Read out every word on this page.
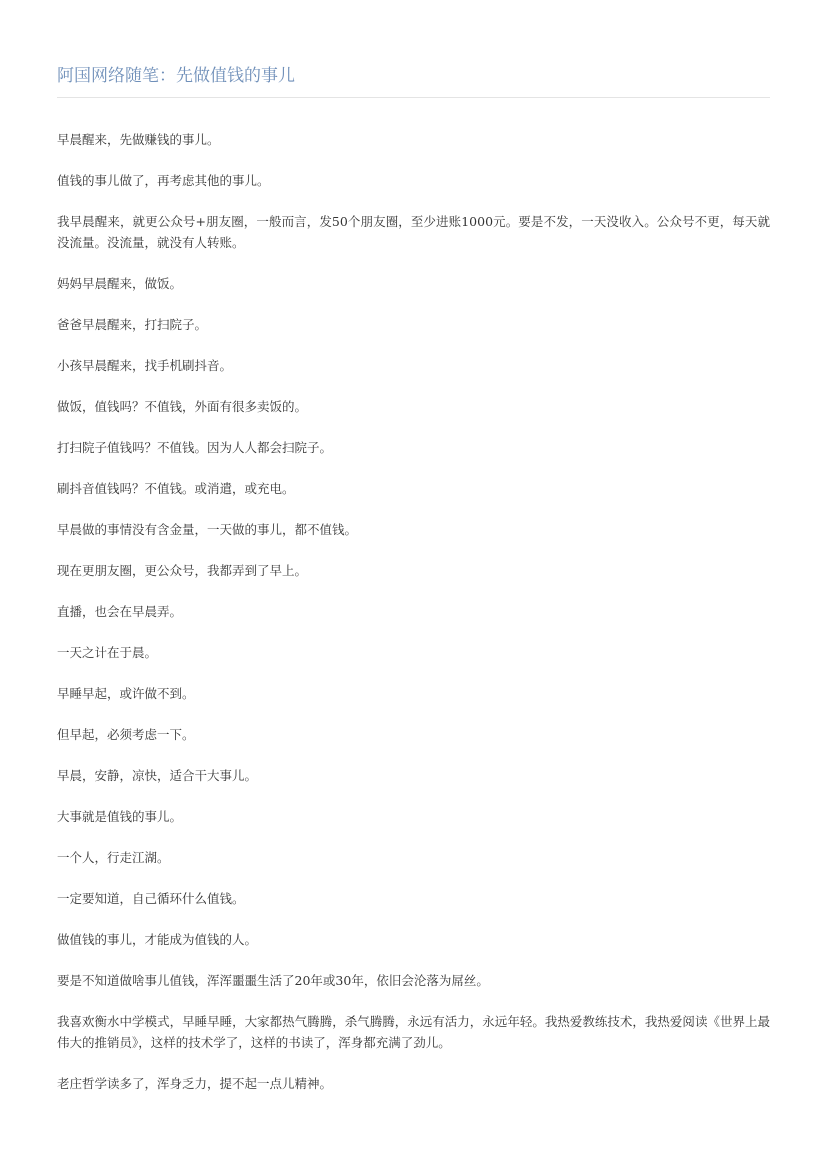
阿国网络随笔：先做值钱的事儿

早晨醒来，先做赚钱的事儿。

值钱的事儿做了，再考虑其他的事儿。

我早晨醒来，就更公众号+朋友圈，一般而言，发50个朋友圈，至少进账1000元。要是不发，一天没收入。公众号不更，每天就没流量。没流量，就没有人转账。

妈妈早晨醒来，做饭。

爸爸早晨醒来，打扫院子。

小孩早晨醒来，找手机刷抖音。

做饭，值钱吗？不值钱，外面有很多卖饭的。

打扫院子值钱吗？不值钱。因为人人都会扫院子。

刷抖音值钱吗？不值钱。或消遣，或充电。

早晨做的事情没有含金量，一天做的事儿，都不值钱。

现在更朋友圈，更公众号，我都弄到了早上。

直播，也会在早晨弄。

一天之计在于晨。

早睡早起，或许做不到。

但早起，必须考虑一下。

早晨，安静，凉快，适合干大事儿。

大事就是值钱的事儿。

一个人，行走江湖。

一定要知道，自己循环什么值钱。

做值钱的事儿，才能成为值钱的人。

要是不知道做啥事儿值钱，浑浑噩噩生活了20年或30年，依旧会沦落为屌丝。

我喜欢衡水中学模式，早睡早睡，大家都热气腾腾，杀气腾腾，永远有活力，永远年轻。我热爱教练技术，我热爱阅读《世界上最伟大的推销员》，这样的技术学了，这样的书读了，浑身都充满了劲儿。

老庄哲学读多了，浑身乏力，提不起一点儿精神。
